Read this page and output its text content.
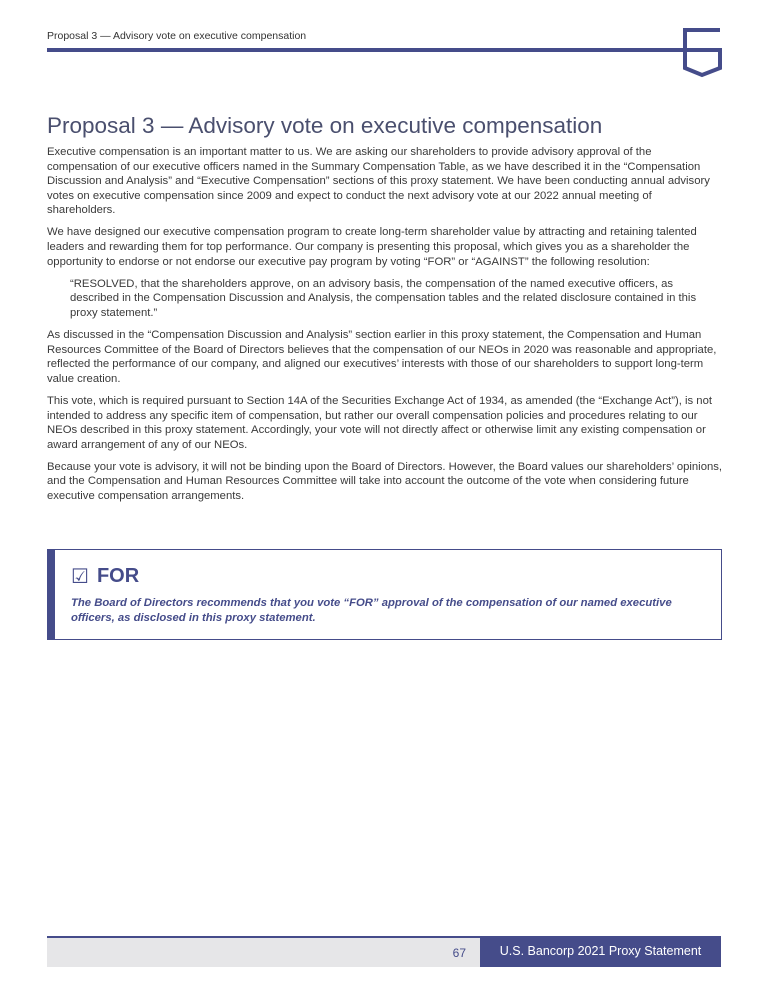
Proposal 3 — Advisory vote on executive compensation
Proposal 3 — Advisory vote on executive compensation

Executive compensation is an important matter to us. We are asking our shareholders to provide advisory approval of the compensation of our executive officers named in the Summary Compensation Table, as we have described it in the “Compensation Discussion and Analysis” and “Executive Compensation” sections of this proxy statement. We have been conducting annual advisory votes on executive compensation since 2009 and expect to conduct the next advisory vote at our 2022 annual meeting of shareholders.

We have designed our executive compensation program to create long-term shareholder value by attracting and retaining talented leaders and rewarding them for top performance. Our company is presenting this proposal, which gives you as a shareholder the opportunity to endorse or not endorse our executive pay program by voting “FOR” or “AGAINST” the following resolution:

“RESOLVED, that the shareholders approve, on an advisory basis, the compensation of the named executive officers, as described in the Compensation Discussion and Analysis, the compensation tables and the related disclosure contained in this proxy statement.”

As discussed in the “Compensation Discussion and Analysis” section earlier in this proxy statement, the Compensation and Human Resources Committee of the Board of Directors believes that the compensation of our NEOs in 2020 was reasonable and appropriate, reflected the performance of our company, and aligned our executives’ interests with those of our shareholders to support long-term value creation.

This vote, which is required pursuant to Section 14A of the Securities Exchange Act of 1934, as amended (the “Exchange Act”), is not intended to address any specific item of compensation, but rather our overall compensation policies and procedures relating to our NEOs described in this proxy statement. Accordingly, your vote will not directly affect or otherwise limit any existing compensation or award arrangement of any of our NEOs.

Because your vote is advisory, it will not be binding upon the Board of Directors. However, the Board values our shareholders’ opinions, and the Compensation and Human Resources Committee will take into account the outcome of the vote when considering future executive compensation arrangements.

☑ FOR
The Board of Directors recommends that you vote “FOR” approval of the compensation of our named executive officers, as disclosed in this proxy statement.
67	U.S. Bancorp 2021 Proxy Statement
